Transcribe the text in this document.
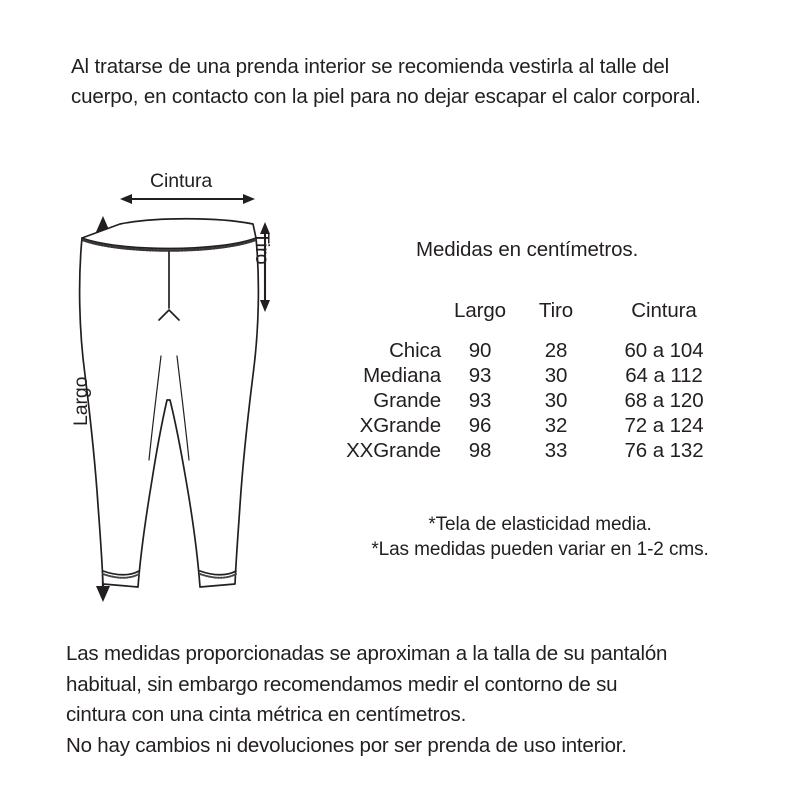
Al tratarse de una prenda interior se recomienda vestirla al talle del cuerpo, en contacto con la piel para no dejar escapar el calor corporal.
Cintura
Tiro
Largo
Medidas en centímetros.
	Largo	Tiro	Cintura
Chica	90	28	60 a 104
Mediana	93	30	64 a 112
Grande	93	30	68 a 120
XGrande	96	32	72 a 124
XXGrande	98	33	76 a 132
*Tela de elasticidad media.
*Las medidas pueden variar en 1-2 cms.
Las medidas proporcionadas se aproximan a la talla de su pantalón
habitual, sin embargo recomendamos medir el contorno de su
cintura con una cinta métrica en centímetros.
No hay cambios ni devoluciones por ser prenda de uso interior.
